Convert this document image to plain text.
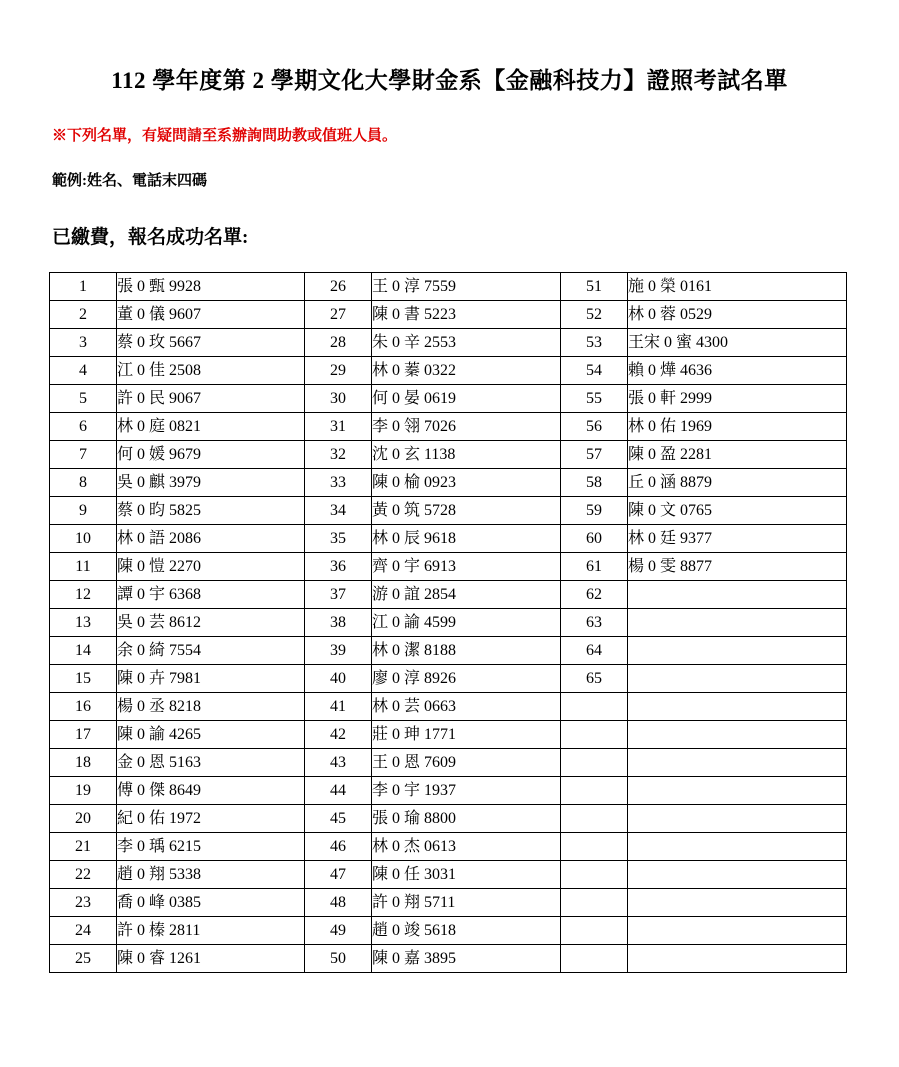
112 學年度第 2 學期文化大學財金系【金融科技力】證照考試名單
※下列名單，有疑問請至系辦詢問助教或值班人員。
範例:姓名、電話末四碼
已繳費，報名成功名單:
1	張 0 甄 9928	26	王 0 淳 7559	51	施 0 榮 0161
2	董 0 儀 9607	27	陳 0 書 5223	52	林 0 蓉 0529
3	蔡 0 玫 5667	28	朱 0 辛 2553	53	王宋 0 蜜 4300
4	江 0 佳 2508	29	林 0 蓁 0322	54	賴 0 燁 4636
5	許 0 民 9067	30	何 0 晏 0619	55	張 0 軒 2999
6	林 0 庭 0821	31	李 0 翎 7026	56	林 0 佑 1969
7	何 0 媛 9679	32	沈 0 玄 1138	57	陳 0 盈 2281
8	吳 0 麒 3979	33	陳 0 榆 0923	58	丘 0 涵 8879
9	蔡 0 昀 5825	34	黃 0 筑 5728	59	陳 0 文 0765
10	林 0 語 2086	35	林 0 辰 9618	60	林 0 廷 9377
11	陳 0 愷 2270	36	齊 0 宇 6913	61	楊 0 雯 8877
12	譚 0 宇 6368	37	游 0 誼 2854	62	
13	吳 0 芸 8612	38	江 0 諭 4599	63	
14	余 0 綺 7554	39	林 0 潔 8188	64	
15	陳 0 卉 7981	40	廖 0 淳 8926	65	
16	楊 0 丞 8218	41	林 0 芸 0663		
17	陳 0 諭 4265	42	莊 0 珅 1771		
18	金 0 恩 5163	43	王 0 恩 7609		
19	傅 0 傑 8649	44	李 0 宇 1937		
20	紀 0 佑 1972	45	張 0 瑜 8800		
21	李 0 瑀 6215	46	林 0 杰 0613		
22	趙 0 翔 5338	47	陳 0 任 3031		
23	喬 0 峰 0385	48	許 0 翔 5711		
24	許 0 榛 2811	49	趙 0 竣 5618		
25	陳 0 睿 1261	50	陳 0 嘉 3895		
